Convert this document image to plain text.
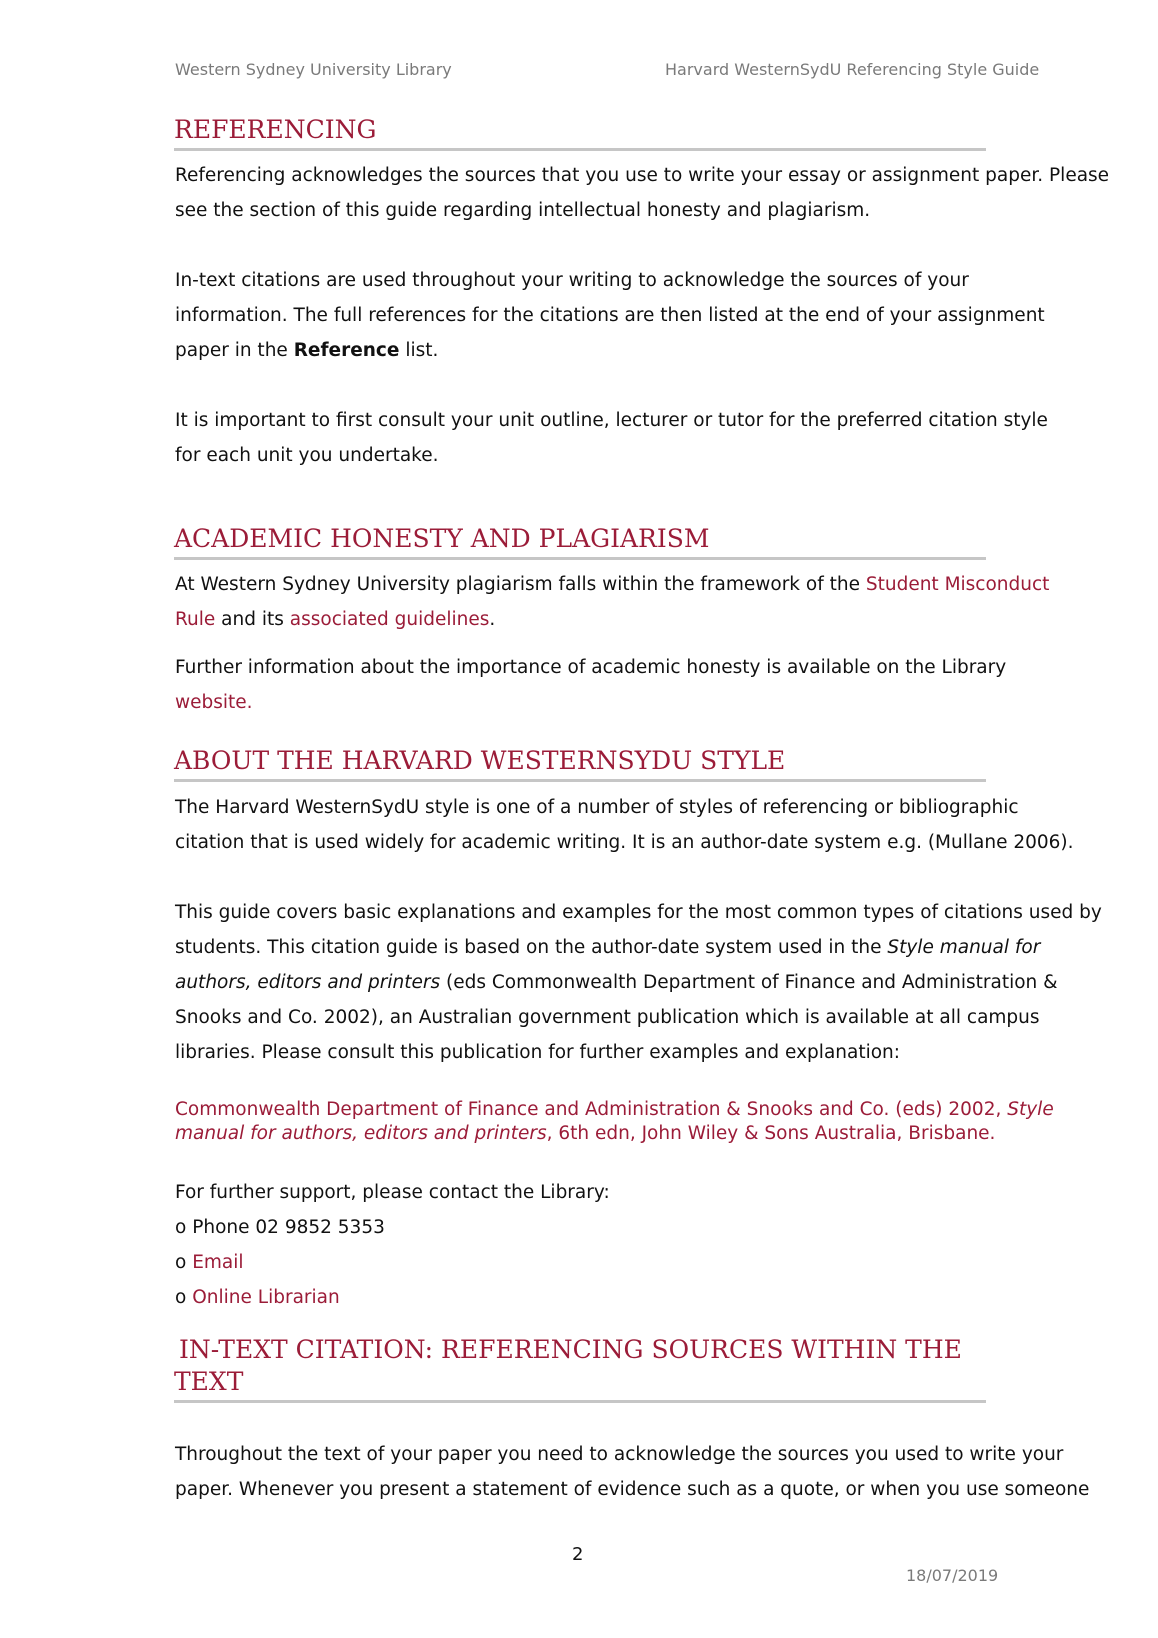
Western Sydney University Library	Harvard WesternSydU Referencing Style Guide
REFERENCING
Referencing acknowledges the sources that you use to write your essay or assignment paper. Please
see the section of this guide regarding intellectual honesty and plagiarism.
In-text citations are used throughout your writing to acknowledge the sources of your
information. The full references for the citations are then listed at the end of your assignment
paper in the Reference list.
It is important to first consult your unit outline, lecturer or tutor for the preferred citation style
for each unit you undertake.
ACADEMIC HONESTY AND PLAGIARISM
At Western Sydney University plagiarism falls within the framework of the Student Misconduct
Rule and its associated guidelines.
Further information about the importance of academic honesty is available on the Library
website.
ABOUT THE HARVARD WESTERNSYDU STYLE
The Harvard WesternSydU style is one of a number of styles of referencing or bibliographic
citation that is used widely for academic writing. It is an author-date system e.g. (Mullane 2006).
This guide covers basic explanations and examples for the most common types of citations used by
students. This citation guide is based on the author-date system used in the Style manual for
authors, editors and printers (eds Commonwealth Department of Finance and Administration &
Snooks and Co. 2002), an Australian government publication which is available at all campus
libraries. Please consult this publication for further examples and explanation:
Commonwealth Department of Finance and Administration & Snooks and Co. (eds) 2002, Style
manual for authors, editors and printers, 6th edn, John Wiley & Sons Australia, Brisbane.
For further support, please contact the Library:
o Phone 02 9852 5353
o Email
o Online Librarian
IN-TEXT CITATION: REFERENCING SOURCES WITHIN THE
TEXT
Throughout the text of your paper you need to acknowledge the sources you used to write your
paper. Whenever you present a statement of evidence such as a quote, or when you use someone
2
18/07/2019
